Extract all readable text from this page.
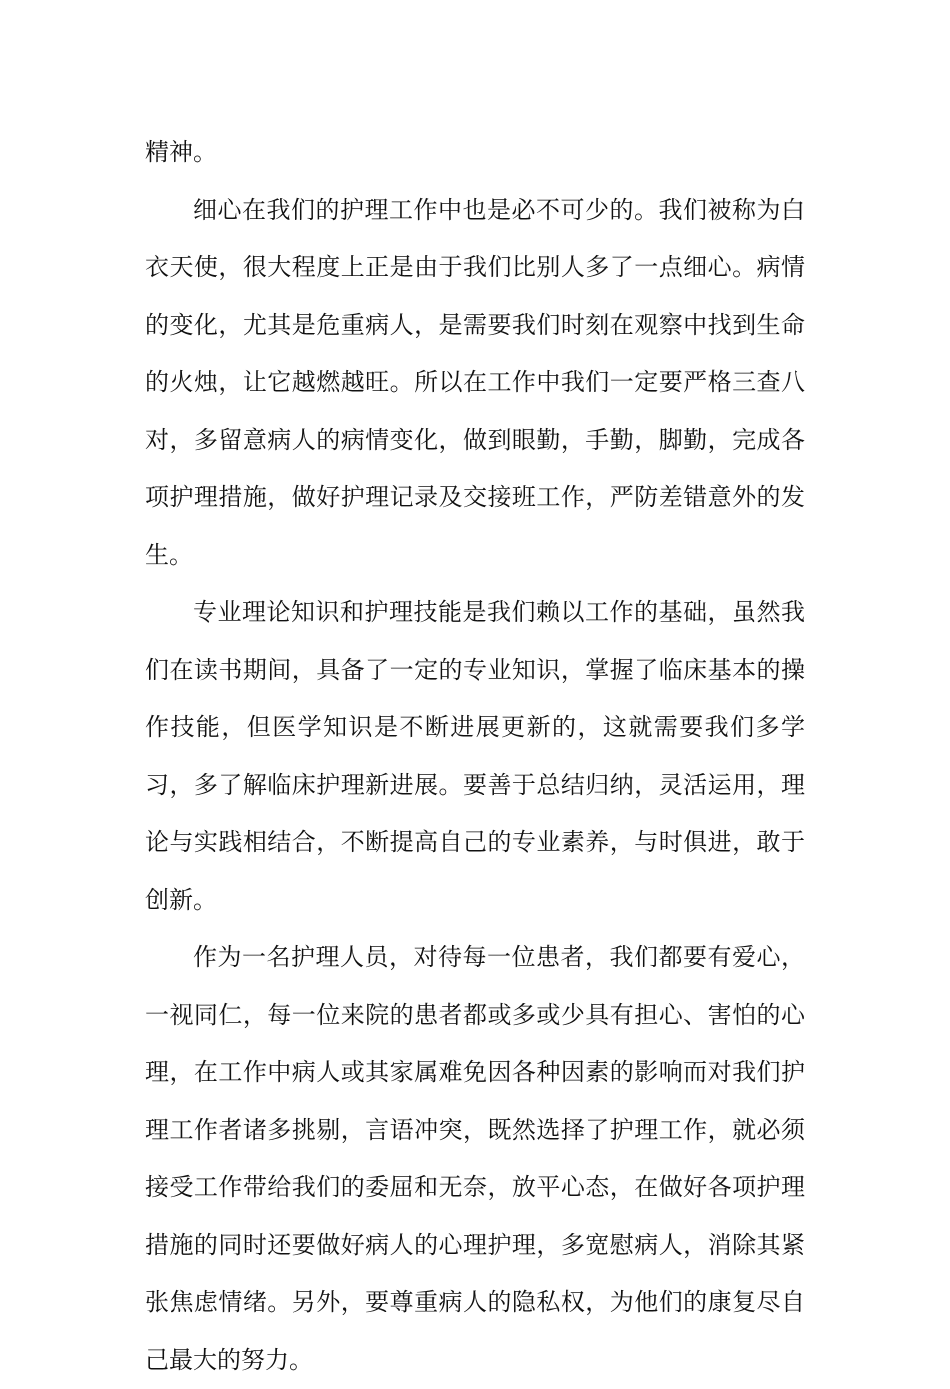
精神。

细心在我们的护理工作中也是必不可少的。我们被称为白衣天使，很大程度上正是由于我们比别人多了一点细心。病情的变化，尤其是危重病人，是需要我们时刻在观察中找到生命的火烛，让它越燃越旺。所以在工作中我们一定要严格三查八对，多留意病人的病情变化，做到眼勤，手勤，脚勤，完成各项护理措施，做好护理记录及交接班工作，严防差错意外的发生。

专业理论知识和护理技能是我们赖以工作的基础，虽然我们在读书期间，具备了一定的专业知识，掌握了临床基本的操作技能，但医学知识是不断进展更新的，这就需要我们多学习，多了解临床护理新进展。要善于总结归纳，灵活运用，理论与实践相结合，不断提高自己的专业素养，与时俱进，敢于创新。

作为一名护理人员，对待每一位患者，我们都要有爱心，一视同仁，每一位来院的患者都或多或少具有担心、害怕的心理，在工作中病人或其家属难免因各种因素的影响而对我们护理工作者诸多挑剔，言语冲突，既然选择了护理工作，就必须接受工作带给我们的委屈和无奈，放平心态，在做好各项护理措施的同时还要做好病人的心理护理，多宽慰病人，消除其紧张焦虑情绪。另外，要尊重病人的隐私权，为他们的康复尽自己最大的努力。
